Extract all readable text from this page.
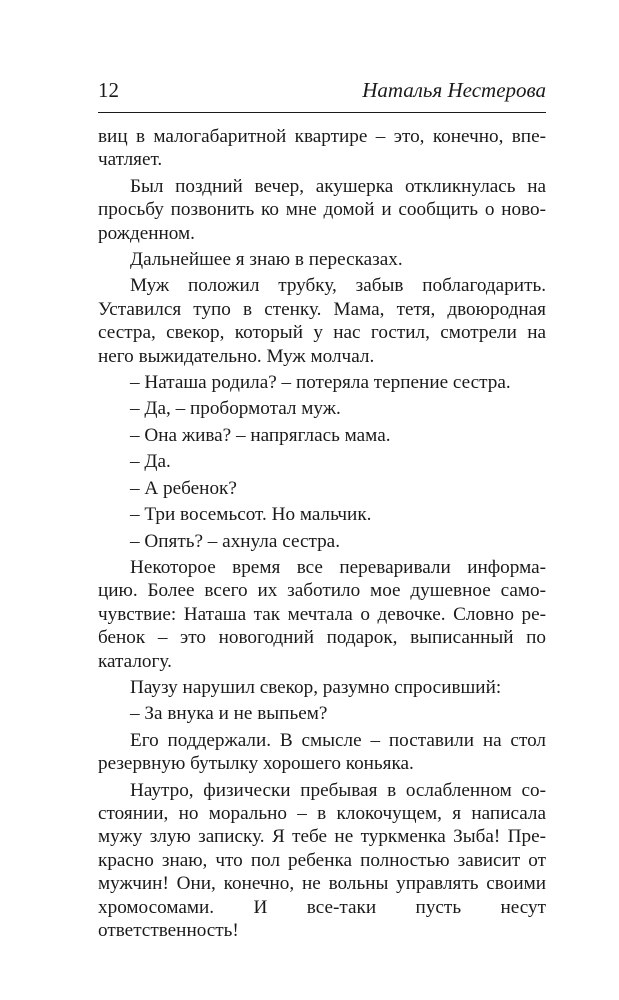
12	Наталья Нестерова

виц в малогабаритной квартире – это, конечно, впе-

чатляет.

Был поздний вечер, акушерка откликнулась на

просьбу позвонить ко мне домой и сообщить о ново-

рожденном.

Дальнейшее я знаю в пересказах.

Муж положил трубку, забыв поблагодарить.

Уставился тупо в стенку. Мама, тетя, двоюродная

сестра, свекор, который у нас гостил, смотрели на

него выжидательно. Муж молчал.

– Наташа родила? – потеряла терпение сестра.

– Да, – пробормотал муж.

– Она жива? – напряглась мама.

– Да.

– А ребенок?

– Три восемьсот. Но мальчик.

– Опять? – ахнула сестра.

Некоторое время все переваривали информа-

цию. Более всего их заботило мое душевное само-

чувствие: Наташа так мечтала о девочке. Словно ре-

бенок – это новогодний подарок, выписанный по

каталогу.

Паузу нарушил свекор, разумно спросивший:

– За внука и не выпьем?

Его поддержали. В смысле – поставили на стол

резервную бутылку хорошего коньяка.

Наутро, физически пребывая в ослабленном со-

стоянии, но морально – в клокочущем, я написала

мужу злую записку. Я тебе не туркменка Зыба! Пре-

красно знаю, что пол ребенка полностью зависит от

мужчин! Они, конечно, не вольны управлять своими

хромосомами. И все-таки пусть несут ответственность!
